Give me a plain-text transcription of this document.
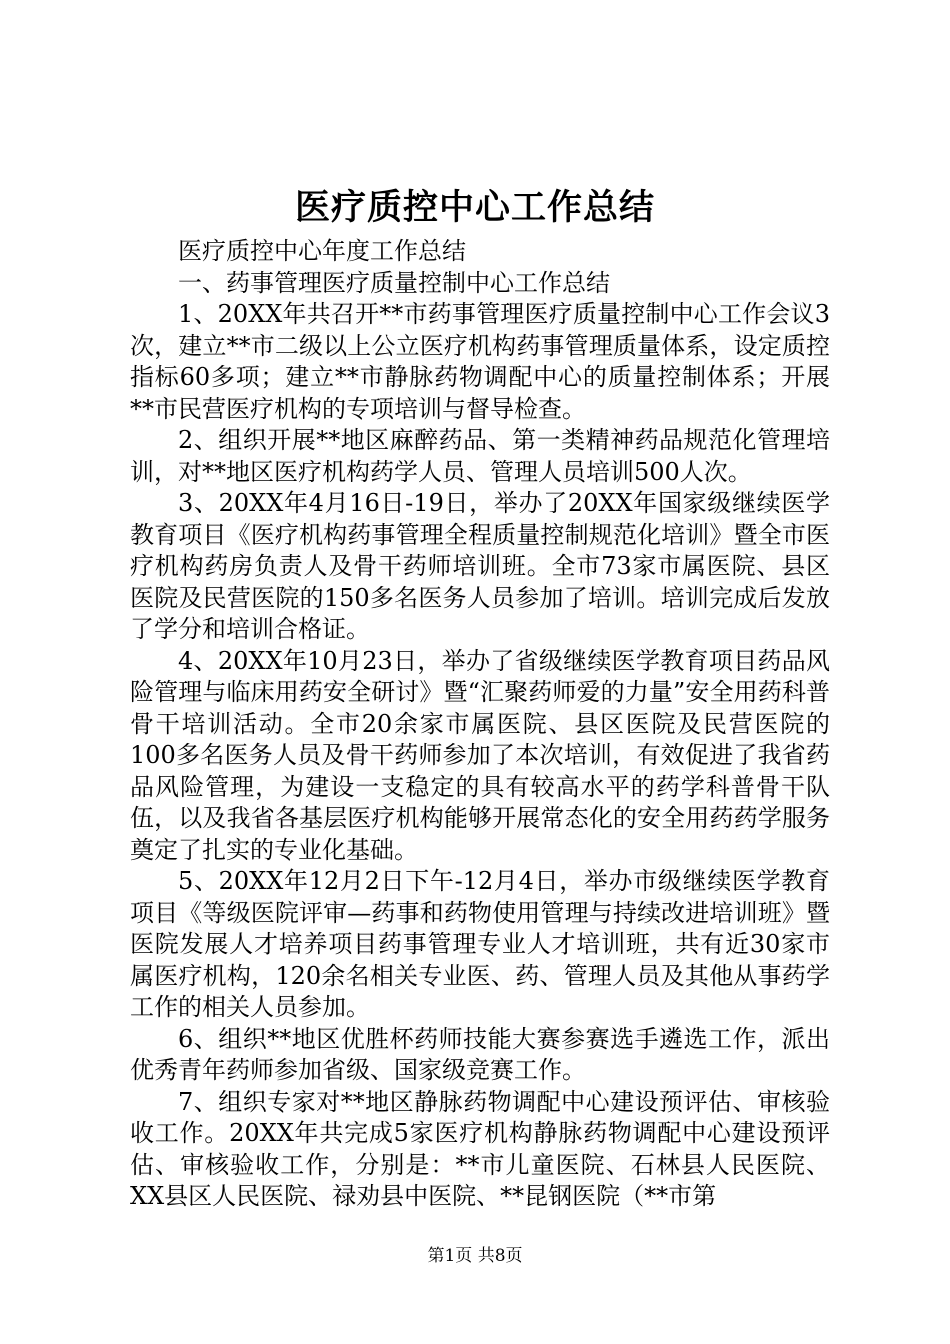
医疗质控中心工作总结

医疗质控中心年度工作总结

一、药事管理医疗质量控制中心工作总结

1、20XX年共召开**市药事管理医疗质量控制中心工作会议3次，建立**市二级以上公立医疗机构药事管理质量体系，设定质控指标60多项；建立**市静脉药物调配中心的质量控制体系；开展**市民营医疗机构的专项培训与督导检查。

2、组织开展**地区麻醉药品、第一类精神药品规范化管理培训，对**地区医疗机构药学人员、管理人员培训500人次。

3、20XX年4月16日-19日，举办了20XX年国家级继续医学教育项目《医疗机构药事管理全程质量控制规范化培训》暨全市医疗机构药房负责人及骨干药师培训班。全市73家市属医院、县区医院及民营医院的150多名医务人员参加了培训。培训完成后发放了学分和培训合格证。

4、20XX年10月23日，举办了省级继续医学教育项目药品风险管理与临床用药安全研讨》暨“汇聚药师爱的力量”安全用药科普骨干培训活动。全市20余家市属医院、县区医院及民营医院的100多名医务人员及骨干药师参加了本次培训，有效促进了我省药品风险管理，为建设一支稳定的具有较高水平的药学科普骨干队伍，以及我省各基层医疗机构能够开展常态化的安全用药药学服务奠定了扎实的专业化基础。

5、20XX年12月2日下午-12月4日，举办市级继续医学教育项目《等级医院评审—药事和药物使用管理与持续改进培训班》暨医院发展人才培养项目药事管理专业人才培训班，共有近30家市属医疗机构，120余名相关专业医、药、管理人员及其他从事药学工作的相关人员参加。

6、组织**地区优胜杯药师技能大赛参赛选手遴选工作，派出优秀青年药师参加省级、国家级竞赛工作。

7、组织专家对**地区静脉药物调配中心建设预评估、审核验收工作。20XX年共完成5家医疗机构静脉药物调配中心建设预评估、审核验收工作，分别是：**市儿童医院、石林县人民医院、XX县区人民医院、禄劝县中医院、**昆钢医院（**市第

第1页 共8页
